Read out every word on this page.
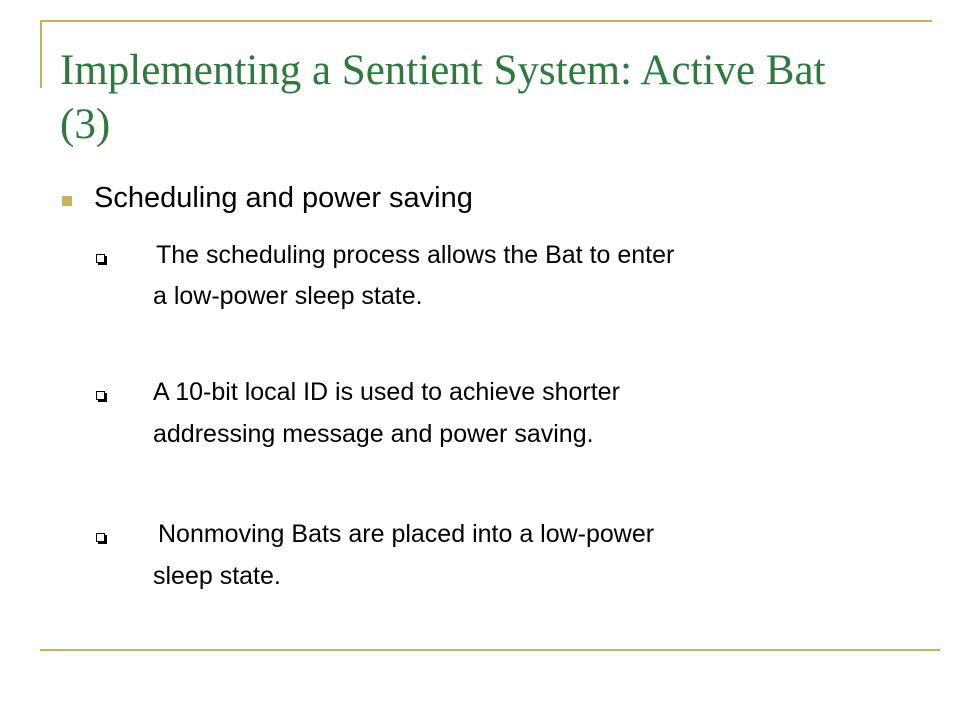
Implementing a Sentient System: Active Bat (3)
Scheduling and power saving
The scheduling process allows the Bat to enter
a low-power sleep state.
A 10-bit local ID is used to achieve shorter
addressing message and power saving.
Nonmoving Bats are placed into a low-power
sleep state.
